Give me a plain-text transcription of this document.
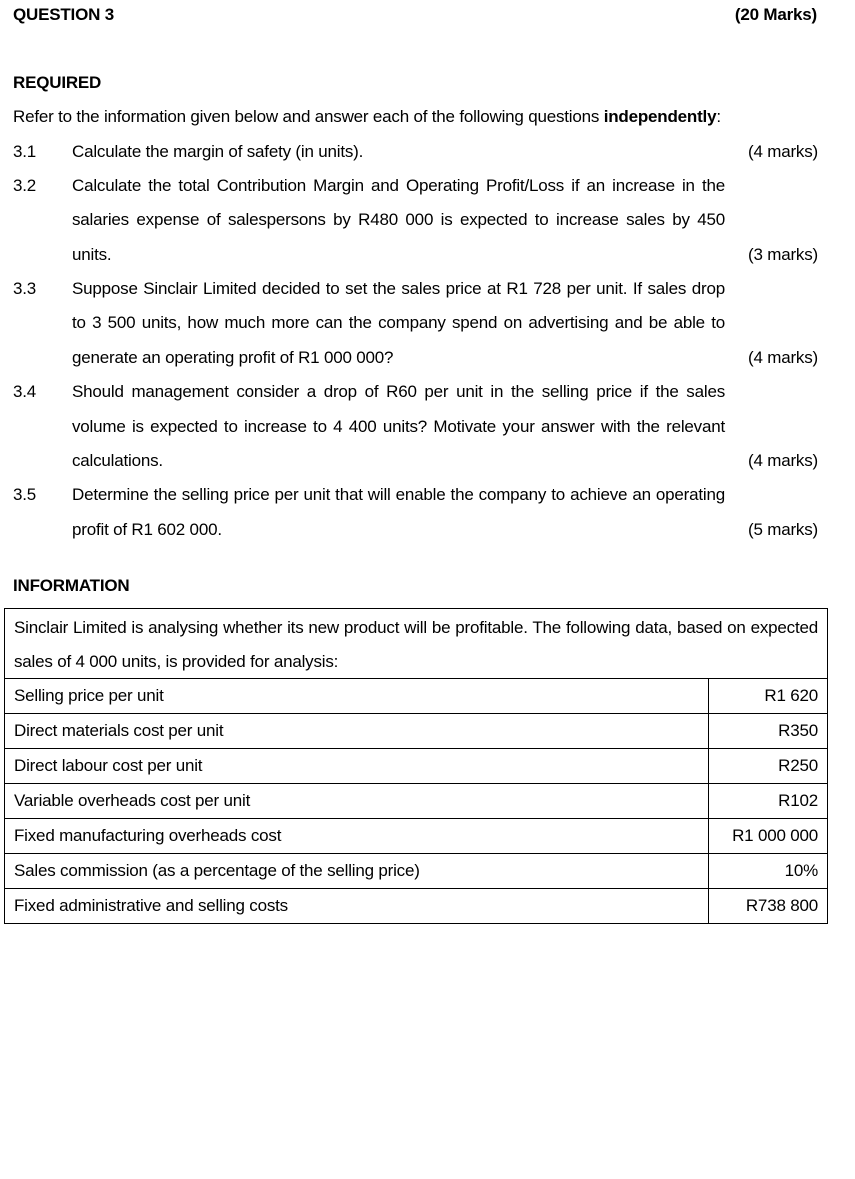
QUESTION 3	(20 Marks)
REQUIRED
Refer to the information given below and answer each of the following questions independently:
3.1 Calculate the margin of safety (in units).	(4 marks)
3.2 Calculate the total Contribution Margin and Operating Profit/Loss if an increase in the
salaries expense of salespersons by R480 000 is expected to increase sales by 450
units.	(3 marks)
3.3 Suppose Sinclair Limited decided to set the sales price at R1 728 per unit. If sales drop
to 3 500 units, how much more can the company spend on advertising and be able to
generate an operating profit of R1 000 000?	(4 marks)
3.4 Should management consider a drop of R60 per unit in the selling price if the sales
volume is expected to increase to 4 400 units? Motivate your answer with the relevant
calculations.	(4 marks)
3.5 Determine the selling price per unit that will enable the company to achieve an operating
profit of R1 602 000.	(5 marks)
INFORMATION
Sinclair Limited is analysing whether its new product will be profitable. The following data, based on expected sales of 4 000 units, is provided for analysis:
Selling price per unit	R1 620
Direct materials cost per unit	R350
Direct labour cost per unit	R250
Variable overheads cost per unit	R102
Fixed manufacturing overheads cost	R1 000 000
Sales commission (as a percentage of the selling price)	10%
Fixed administrative and selling costs	R738 800
